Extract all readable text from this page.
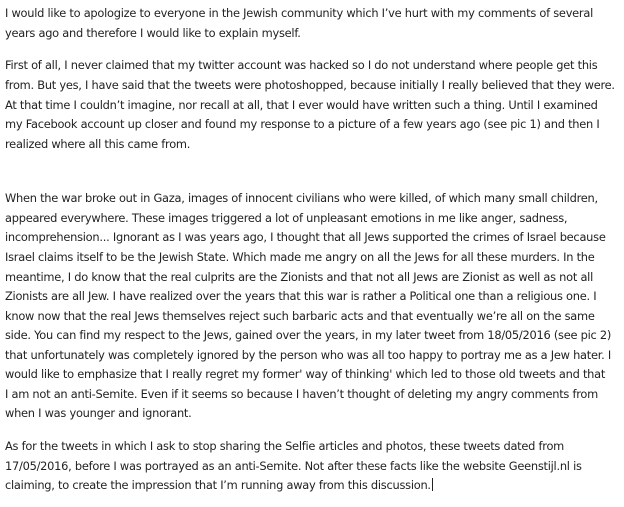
I would like to apologize to everyone in the Jewish community which I’ve hurt with my comments of several
years ago and therefore I would like to explain myself.
First of all, I never claimed that my twitter account was hacked so I do not understand where people get this
from. But yes, I have said that the tweets were photoshopped, because initially I really believed that they were.
At that time I couldn’t imagine, nor recall at all, that I ever would have written such a thing. Until I examined
my Facebook account up closer and found my response to a picture of a few years ago (see pic 1) and then I
realized where all this came from.
When the war broke out in Gaza, images of innocent civilians who were killed, of which many small children,
appeared everywhere. These images triggered a lot of unpleasant emotions in me like anger, sadness,
incomprehension... Ignorant as I was years ago, I thought that all Jews supported the crimes of Israel because
Israel claims itself to be the Jewish State. Which made me angry on all the Jews for all these murders. In the
meantime, I do know that the real culprits are the Zionists and that not all Jews are Zionist as well as not all
Zionists are all Jew. I have realized over the years that this war is rather a Political one than a religious one. I
know now that the real Jews themselves reject such barbaric acts and that eventually we’re all on the same
side. You can find my respect to the Jews, gained over the years, in my later tweet from 18/05/2016 (see pic 2)
that unfortunately was completely ignored by the person who was all too happy to portray me as a Jew hater. I
would like to emphasize that I really regret my former' way of thinking' which led to those old tweets and that
I am not an anti-Semite. Even if it seems so because I haven’t thought of deleting my angry comments from
when I was younger and ignorant.
As for the tweets in which I ask to stop sharing the Selfie articles and photos, these tweets dated from
17/05/2016, before I was portrayed as an anti-Semite. Not after these facts like the website Geenstijl.nl is
claiming, to create the impression that I’m running away from this discussion.
